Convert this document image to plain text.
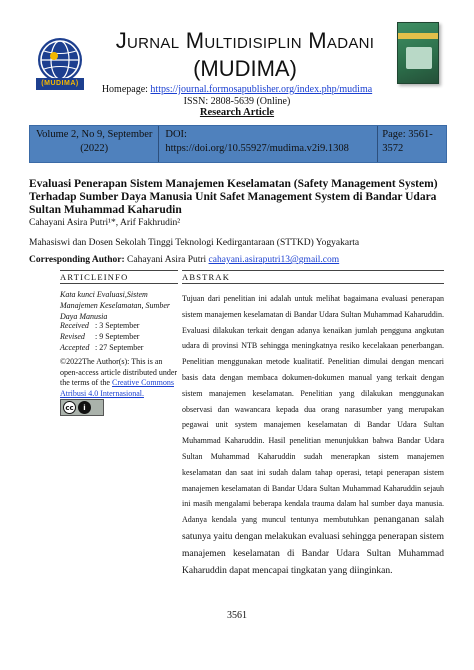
(MUDIMA)
Jurnal Multidisiplin Madani
(MUDIMA)
Homepage: https://journal.formosapublisher.org/index.php/mudima
ISSN: 2808-5639 (Online)
Research Article
Volume 2, No 9, September (2022)
DOI:
https://doi.org/10.55927/mudima.v2i9.1308
Page: 3561-3572
Evaluasi Penerapan Sistem Manajemen Keselamatan (Safety Management System) Terhadap Sumber Daya Manusia Unit Safet Management System di Bandar Udara Sultan Muhammad Kaharudin
Cahayani Asira Putri¹*, Arif Fakhrudin²
Mahasiswi dan Dosen Sekolah Tinggi Teknologi Kedirgantaraan (STTKD) Yogyakarta
Corresponding Author: Cahayani Asira Putri cahayani.asiraputri13@gmail.com
ARTICLEINFO	ABSTRAK
Kata kunci Evaluasi,Sistem Manajemen Keselamatan, Sumber Daya Manusia
Received : 3 September
Revised	: 9 September
Accepted : 27 September
©2022The Author(s): This is an open-access article distributed under the terms of the Creative Commons Atribusi 4.0 Internasional.
cc	i
Tujuan dari penelitian ini adalah untuk melihat bagaimana evaluasi penerapan sistem manajemen keselamatan di Bandar Udara Sultan Muhammad Kaharuddin. Evaluasi dilakukan terkait dengan adanya kenaikan jumlah pengguna angkutan udara di provinsi NTB sehingga meningkatnya resiko kecelakaan penerbangan. Penelitian menggunakan metode kualitatif. Penelitian dimulai dengan mencari basis data dengan membaca dokumen-dokumen manual yang terkait dengan sistem manajemen keselamatan. Penelitian yang dilakukan menggunakan observasi dan wawancara kepada dua orang narasumber yang merupakan pegawai unit system manajemen keselamatan di Bandar Udara Sultan Muhammad Kaharuddin. Hasil penelitian menunjukkan bahwa Bandar Udara Sultan Muhammad Kaharuddin sudah menerapkan sistem manajemen keselamatan dan saat ini sudah dalam tahap operasi, tetapi penerapan sistem manajemen keselamatan di Bandar Udara Sultan Muhammad Kaharuddin sejauh ini masih mengalami beberapa kendala trauma dalam hal sumber daya manusia. Adanya kendala yang muncul tentunya membutuhkan penanganan salah satunya yaitu dengan melakukan evaluasi sehingga penerapan sistem manajemen keselamatan di Bandar Udara Sultan Muhammad Kaharuddin dapat mencapai tingkatan yang diinginkan.
3561
